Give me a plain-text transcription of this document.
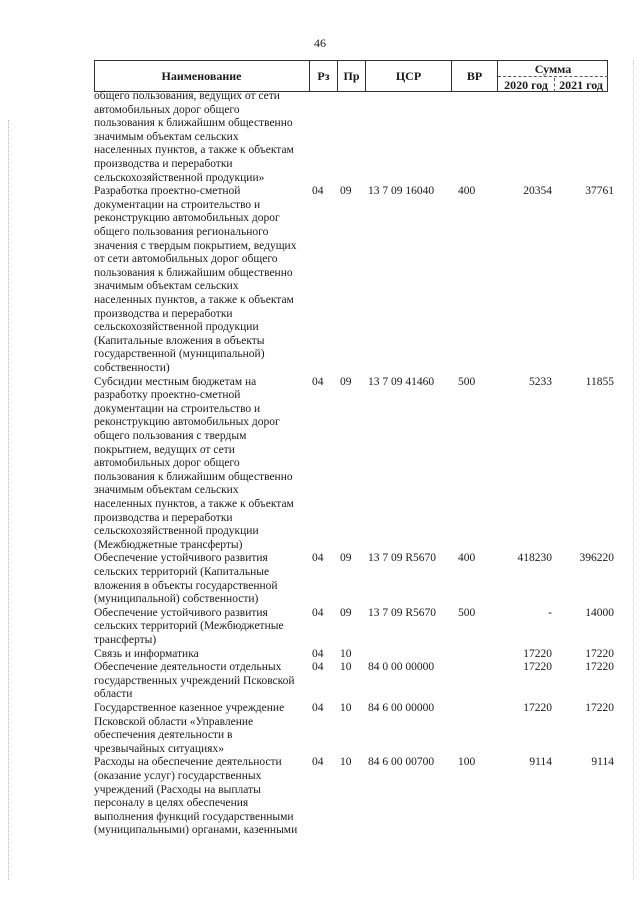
46
Наименование	Рз	Пр	ЦСР	ВР	Сумма
2020 год 2021 год
общего пользования, ведущих от сети
автомобильных дорог общего
пользования к ближайшим общественно
значимым объектам сельских
населенных пунктов, а также к объектам
производства и переработки
сельскохозяйственной продукции»
Разработка проектно-сметной
документации на строительство и
реконструкцию автомобильных дорог
общего пользования регионального
значения с твердым покрытием, ведущих
от сети автомобильных дорог общего
пользования к ближайшим общественно
значимым объектам сельских
населенных пунктов, а также к объектам
производства и переработки
сельскохозяйственной продукции
(Капитальные вложения в объекты
государственной (муниципальной)
собственности)
04 09 13 7 09 16040 400	20354	37761
Субсидии местным бюджетам на
разработку проектно-сметной
документации на строительство и
реконструкцию автомобильных дорог
общего пользования с твердым
покрытием, ведущих от сети
автомобильных дорог общего
пользования к ближайшим общественно
значимым объектам сельских
населенных пунктов, а также к объектам
производства и переработки
сельскохозяйственной продукции
(Межбюджетные трансферты)
04 09 13 7 09 41460 500	5233	11855
Обеспечение устойчивого развития
сельских территорий (Капитальные
вложения в объекты государственной
(муниципальной) собственности)
04 09 13 7 09 R5670 400	418230 396220
Обеспечение устойчивого развития
сельских территорий (Межбюджетные
трансферты)
04 09 13 7 09 R5670 500	-	14000
Связь и информатика	04 10	17220	17220
Обеспечение деятельности отдельных
государственных учреждений Псковской
области
04 10 84 0 00 00000	17220	17220
Государственное казенное учреждение
Псковской области «Управление
обеспечения деятельности в
чрезвычайных ситуациях»
04 10 84 6 00 00000	17220	17220
Расходы на обеспечение деятельности
(оказание услуг) государственных
учреждений (Расходы на выплаты
персоналу в целях обеспечения
выполнения функций государственными
(муниципальными) органами, казенными
04 10 84 6 00 00700 100	9114	9114
